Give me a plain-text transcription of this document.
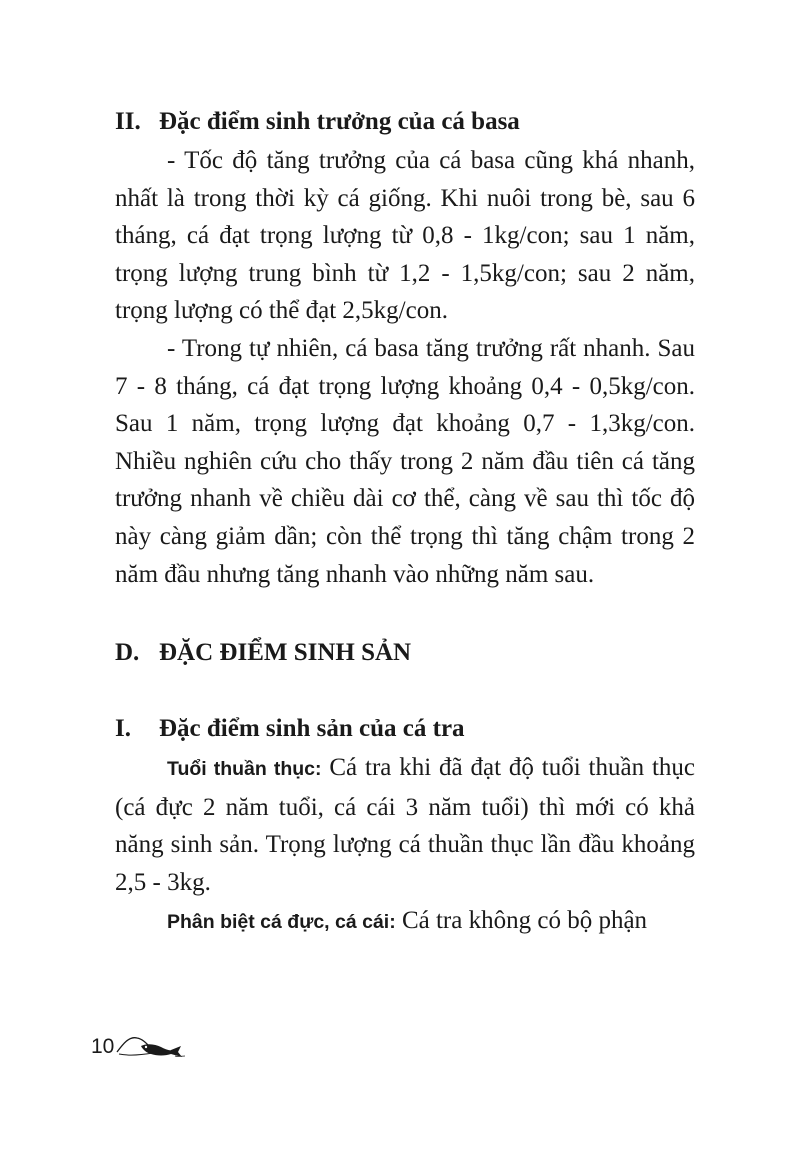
II. Đặc điểm sinh trưởng của cá basa

- Tốc độ tăng trưởng của cá basa cũng khá nhanh, nhất là trong thời kỳ cá giống. Khi nuôi trong bè, sau 6 tháng, cá đạt trọng lượng từ 0,8 - 1kg/con; sau 1 năm, trọng lượng trung bình từ 1,2 - 1,5kg/con; sau 2 năm, trọng lượng có thể đạt 2,5kg/con.

- Trong tự nhiên, cá basa tăng trưởng rất nhanh. Sau 7 - 8 tháng, cá đạt trọng lượng khoảng 0,4 - 0,5kg/con. Sau 1 năm, trọng lượng đạt khoảng 0,7 - 1,3kg/con. Nhiều nghiên cứu cho thấy trong 2 năm đầu tiên cá tăng trưởng nhanh về chiều dài cơ thể, càng về sau thì tốc độ này càng giảm dần; còn thể trọng thì tăng chậm trong 2 năm đầu nhưng tăng nhanh vào những năm sau.

D. ĐẶC ĐIỂM SINH SẢN
I.	Đặc điểm sinh sản của cá tra

Tuổi thuần thục: Cá tra khi đã đạt độ tuổi thuần thục (cá đực 2 năm tuổi, cá cái 3 năm tuổi) thì mới có khả năng sinh sản. Trọng lượng cá thuần thục lần đầu khoảng 2,5 - 3kg.

Phân biệt cá đực, cá cái: Cá tra không có bộ phận

10
